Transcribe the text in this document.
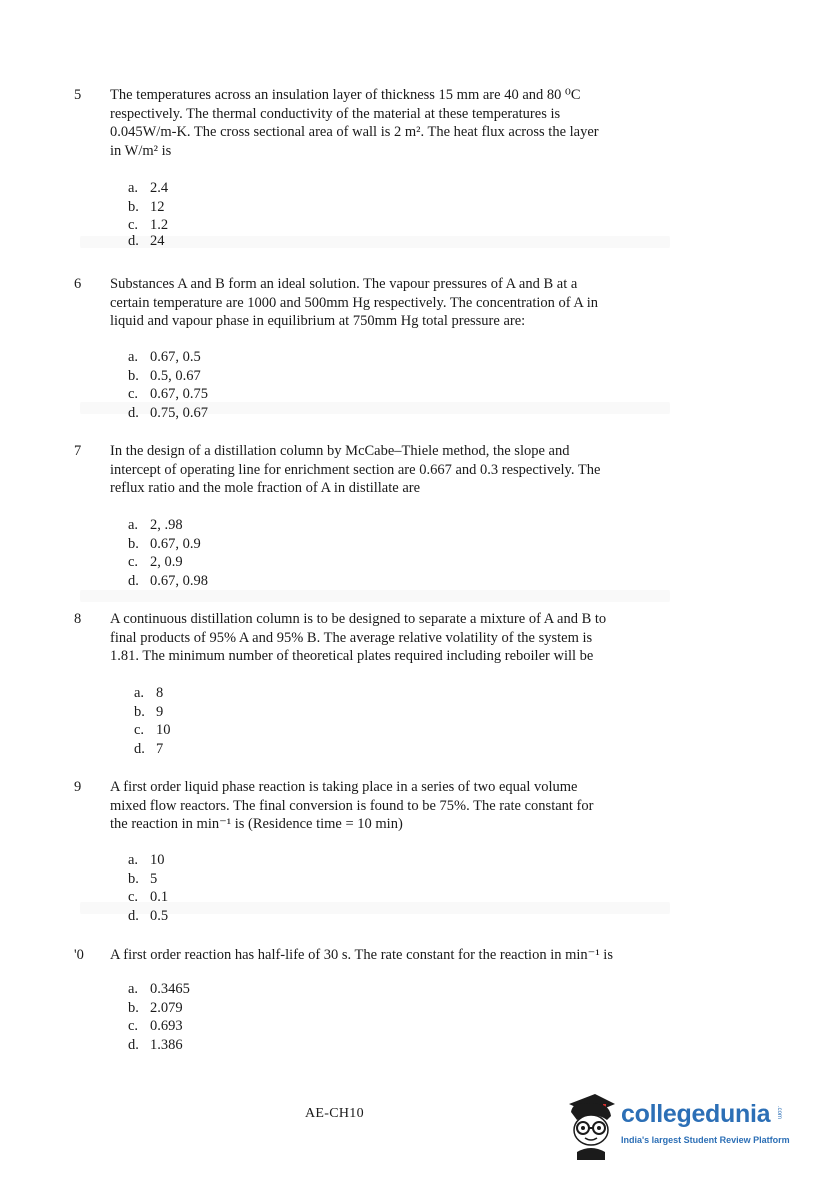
5	The temperatures across an insulation layer of thickness 15 mm are 40 and 80 ⁰C
respectively. The thermal conductivity of the material at these temperatures is
0.045W/m-K. The cross sectional area of wall is 2 m². The heat flux across the layer
in W/m² is
a. 2.4
b. 12
c. 1.2
d. 24
6	Substances A and B form an ideal solution. The vapour pressures of A and B at a
certain temperature are 1000 and 500mm Hg respectively. The concentration of A in
liquid and vapour phase in equilibrium at 750mm Hg total pressure are:
a. 0.67, 0.5
b. 0.5, 0.67
c. 0.67, 0.75
d. 0.75, 0.67
7	In the design of a distillation column by McCabe–Thiele method, the slope and
intercept of operating line for enrichment section are 0.667 and 0.3 respectively. The
reflux ratio and the mole fraction of A in distillate are
a. 2, .98
b. 0.67, 0.9
c. 2, 0.9
d. 0.67, 0.98
8	A continuous distillation column is to be designed to separate a mixture of A and B to
final products of 95% A and 95% B. The average relative volatility of the system is
1.81. The minimum number of theoretical plates required including reboiler will be
a. 8
b. 9
c. 10
d. 7
9	A first order liquid phase reaction is taking place in a series of two equal volume
mixed flow reactors. The final conversion is found to be 75%. The rate constant for
the reaction in min⁻¹ is (Residence time = 10 min)
a. 10
b. 5
c. 0.1
d. 0.5
'0	A first order reaction has half-life of 30 s. The rate constant for the reaction in min⁻¹ is
a. 0.3465
b. 2.079
c. 0.693
d. 1.386
AE-CH10	collegedunia .com
India's largest Student Review Platform
